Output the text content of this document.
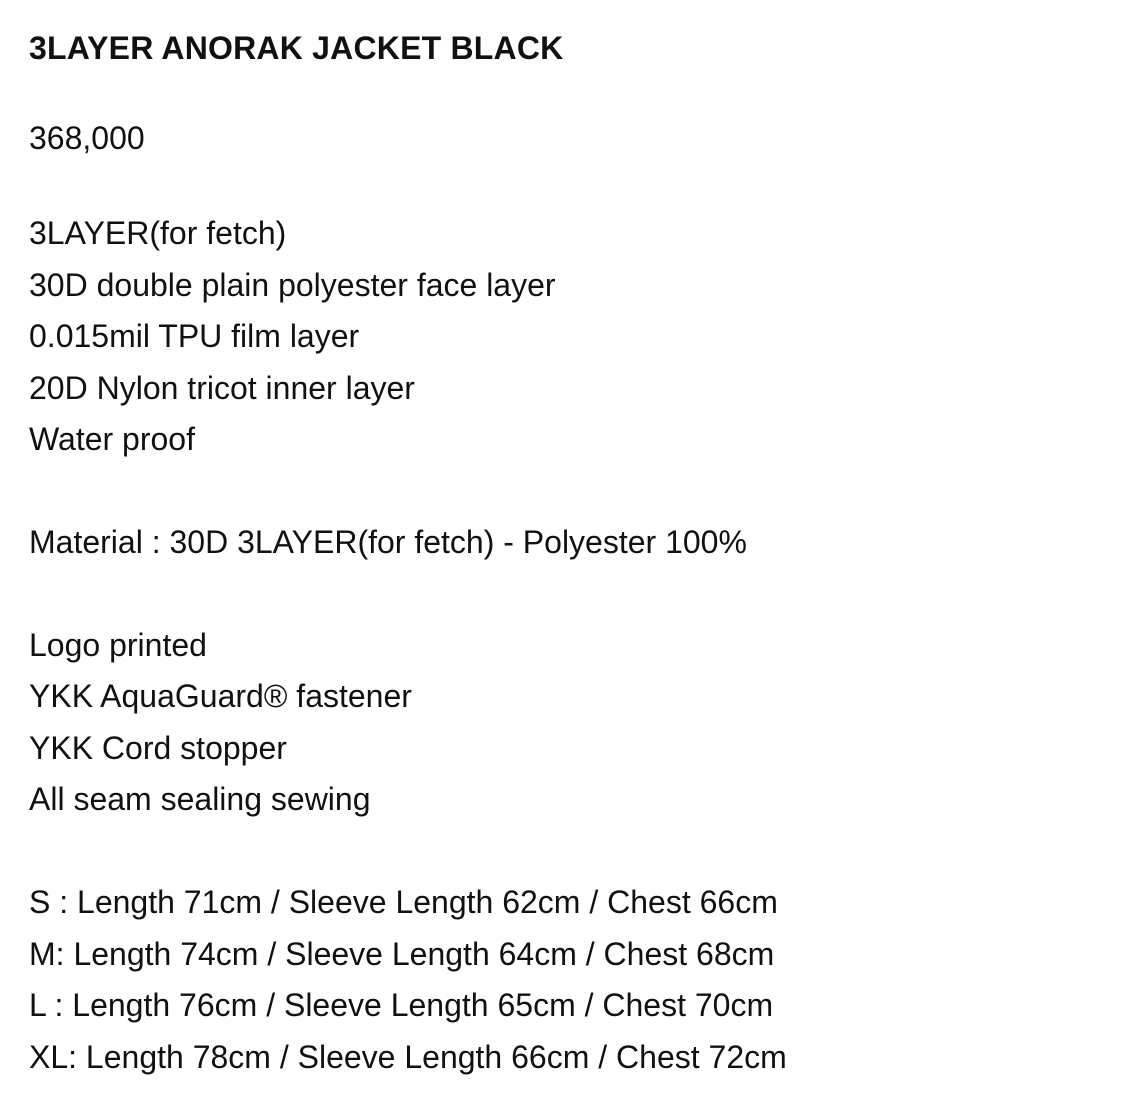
3LAYER ANORAK JACKET BLACK
368,000
3LAYER(for fetch)
30D double plain polyester face layer
0.015mil TPU film layer
20D Nylon tricot inner layer
Water proof
Material : 30D 3LAYER(for fetch) - Polyester 100%
Logo printed
YKK AquaGuard® fastener
YKK Cord stopper
All seam sealing sewing
S : Length 71cm / Sleeve Length 62cm / Chest 66cm
M: Length 74cm / Sleeve Length 64cm / Chest 68cm
L : Length 76cm / Sleeve Length 65cm / Chest 70cm
XL: Length 78cm / Sleeve Length 66cm / Chest 72cm
